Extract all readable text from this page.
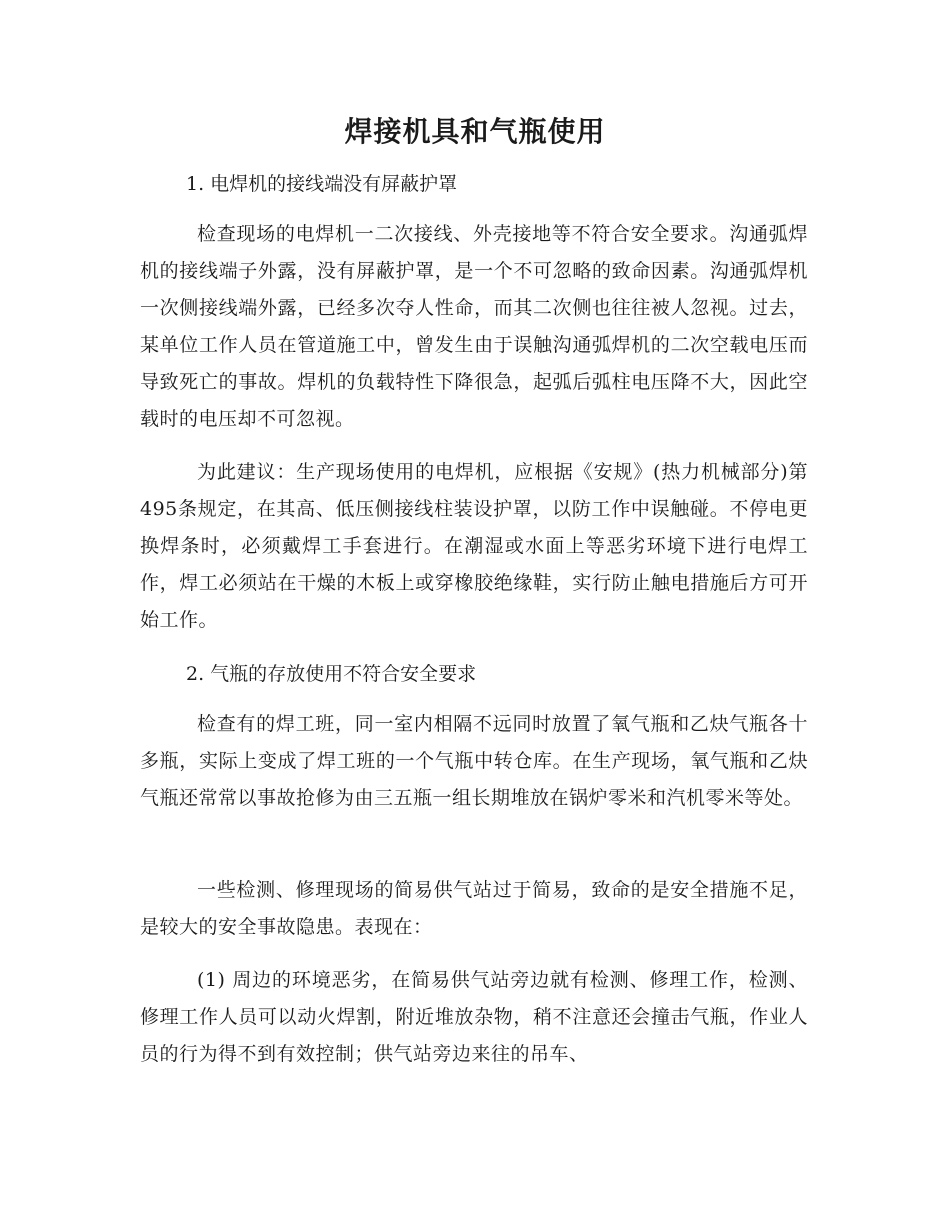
焊接机具和气瓶使用

1. 电焊机的接线端没有屏蔽护罩

检查现场的电焊机一二次接线、外壳接地等不符合安全要求。沟通弧焊机的接线端子外露，没有屏蔽护罩，是一个不可忽略的致命因素。沟通弧焊机一次侧接线端外露，已经多次夺人性命，而其二次侧也往往被人忽视。过去，某单位工作人员在管道施工中，曾发生由于误触沟通弧焊机的二次空载电压而导致死亡的事故。焊机的负载特性下降很急，起弧后弧柱电压降不大，因此空载时的电压却不可忽视。

为此建议：生产现场使用的电焊机，应根据《安规》(热力机械部分)第495条规定，在其高、低压侧接线柱装设护罩，以防工作中误触碰。不停电更换焊条时，必须戴焊工手套进行。在潮湿或水面上等恶劣环境下进行电焊工作，焊工必须站在干燥的木板上或穿橡胶绝缘鞋，实行防止触电措施后方可开始工作。

2. 气瓶的存放使用不符合安全要求

检查有的焊工班，同一室内相隔不远同时放置了氧气瓶和乙炔气瓶各十多瓶，实际上变成了焊工班的一个气瓶中转仓库。在生产现场，氧气瓶和乙炔气瓶还常常以事故抢修为由三五瓶一组长期堆放在锅炉零米和汽机零米等处。

一些检测、修理现场的简易供气站过于简易，致命的是安全措施不足，是较大的安全事故隐患。表现在：

(1) 周边的环境恶劣，在简易供气站旁边就有检测、修理工作，检测、修理工作人员可以动火焊割，附近堆放杂物，稍不注意还会撞击气瓶，作业人员的行为得不到有效控制；供气站旁边来往的吊车、
